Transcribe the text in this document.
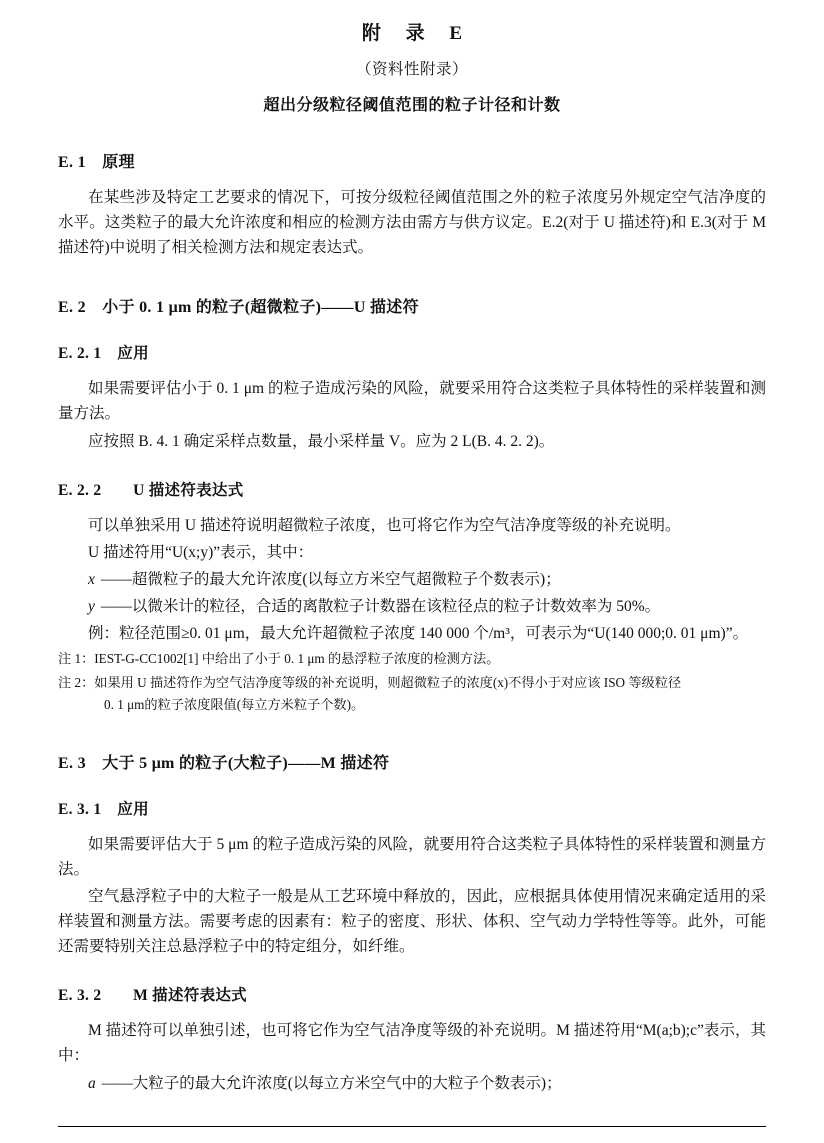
附 录 E
（资料性附录）
超出分级粒径阈值范围的粒子计径和计数
E. 1　 原理

在某些涉及特定工艺要求的情况下，可按分级粒径阈值范围之外的粒子浓度另外规定空气洁净度的水平。这类粒子的最大允许浓度和相应的检测方法由需方与供方议定。E.2(对于 U 描述符)和 E.3(对于 M 描述符)中说明了相关检测方法和规定表达式。

E. 2　 小于 0. 1 μm 的粒子(超微粒子)——U 描述符
E. 2. 1　 应用

如果需要评估小于 0. 1 μm 的粒子造成污染的风险，就要采用符合这类粒子具体特性的采样装置和测量方法。

应按照 B. 4. 1 确定采样点数量，最小采样量 V。应为 2 L(B. 4. 2. 2)。

E. 2. 2　　 U 描述符表达式

可以单独采用 U 描述符说明超微粒子浓度，也可将它作为空气洁净度等级的补充说明。

U 描述符用“U(x;y)”表示，其中：

x ——超微粒子的最大允许浓度(以每立方米空气超微粒子个数表示)；

y ——以微米计的粒径，合适的离散粒子计数器在该粒径点的粒子计数效率为 50%。

例：粒径范围≥0. 01 μm，最大允许超微粒子浓度 140 000 个/m³，可表示为“U(140 000;0. 01 μm)”。

注 1：IEST-G-CC1002[1] 中给出了小于 0. 1 μm 的悬浮粒子浓度的检测方法。

注 2：如果用 U 描述符作为空气洁净度等级的补充说明，则超微粒子的浓度(x)不得小于对应该 ISO 等级粒径

0. 1 μm的粒子浓度限值(每立方米粒子个数)。

E. 3　 大于 5 μm 的粒子(大粒子)——M 描述符
E. 3. 1　 应用

如果需要评估大于 5 μm 的粒子造成污染的风险，就要用符合这类粒子具体特性的采样装置和测量方法。

空气悬浮粒子中的大粒子一般是从工艺环境中释放的，因此，应根据具体使用情况来确定适用的采样装置和测量方法。需要考虑的因素有：粒子的密度、形状、体积、空气动力学特性等等。此外，可能还需要特别关注总悬浮粒子中的特定组分，如纤维。

E. 3. 2　　 M 描述符表达式

M 描述符可以单独引述，也可将它作为空气洁净度等级的补充说明。M 描述符用“M(a;b);c”表示，其中：

a ——大粒子的最大允许浓度(以每立方米空气中的大粒子个数表示)；
